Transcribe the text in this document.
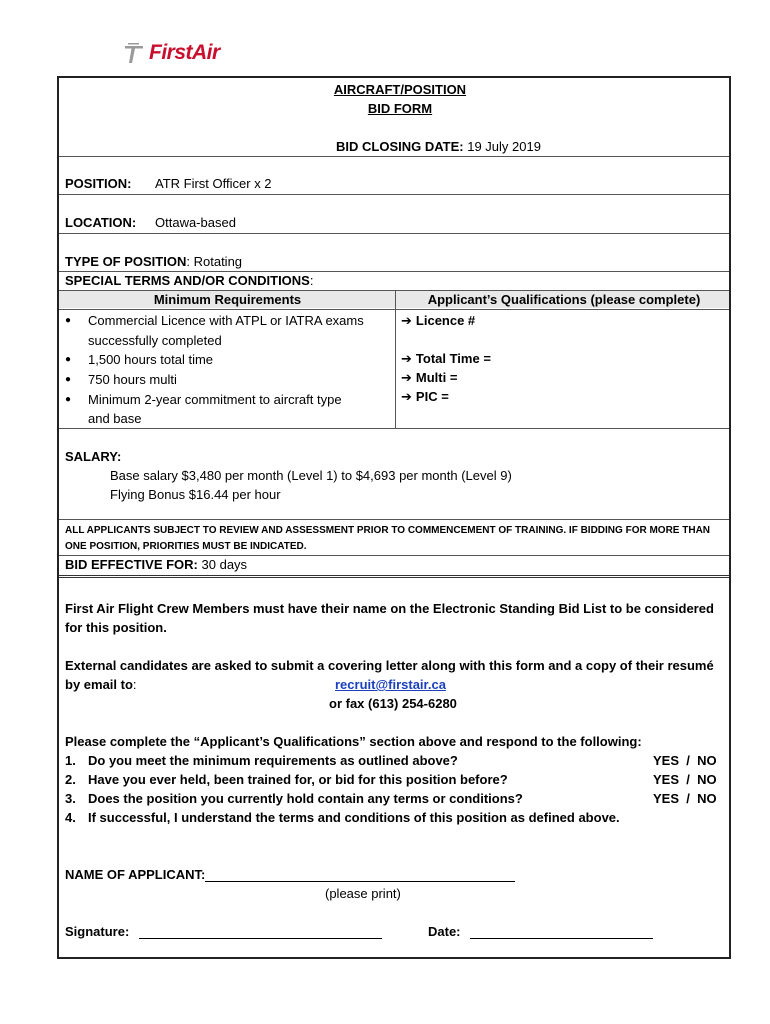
FirstAir
AIRCRAFT/POSITION
BID FORM
BID CLOSING DATE: 19 July 2019
POSITION: ATR First Officer x 2
LOCATION: Ottawa-based
TYPE OF POSITION: Rotating
SPECIAL TERMS AND/OR CONDITIONS:
Minimum Requirements	Applicant’s Qualifications (please complete)
● Commercial Licence with ATPL or IATRA exams
successfully completed
● 1,500 hours total time
● 750 hours multi
● Minimum 2-year commitment to aircraft type
and base
➔ Licence #
➔ Total Time =
➔ Multi =
➔ PIC =
SALARY:
Base salary $3,480 per month (Level 1) to $4,693 per month (Level 9)
Flying Bonus $16.44 per hour
ALL APPLICANTS SUBJECT TO REVIEW AND ASSESSMENT PRIOR TO COMMENCEMENT OF TRAINING. IF BIDDING FOR MORE THAN
ONE POSITION, PRIORITIES MUST BE INDICATED.
BID EFFECTIVE FOR: 30 days
First Air Flight Crew Members must have their name on the Electronic Standing Bid List to be considered
for this position.
External candidates are asked to submit a covering letter along with this form and a copy of their resumé
by email to:	recruit@firstair.ca
or fax (613) 254-6280
Please complete the “Applicant’s Qualifications” section above and respond to the following:
1. Do you meet the minimum requirements as outlined above?	YES  /  NO
2. Have you ever held, been trained for, or bid for this position before?	YES  /  NO
3. Does the position you currently hold contain any terms or conditions?	YES  /  NO
4. If successful, I understand the terms and conditions of this position as defined above.
NAME OF APPLICANT:
(please print)
Signature:	Date:
